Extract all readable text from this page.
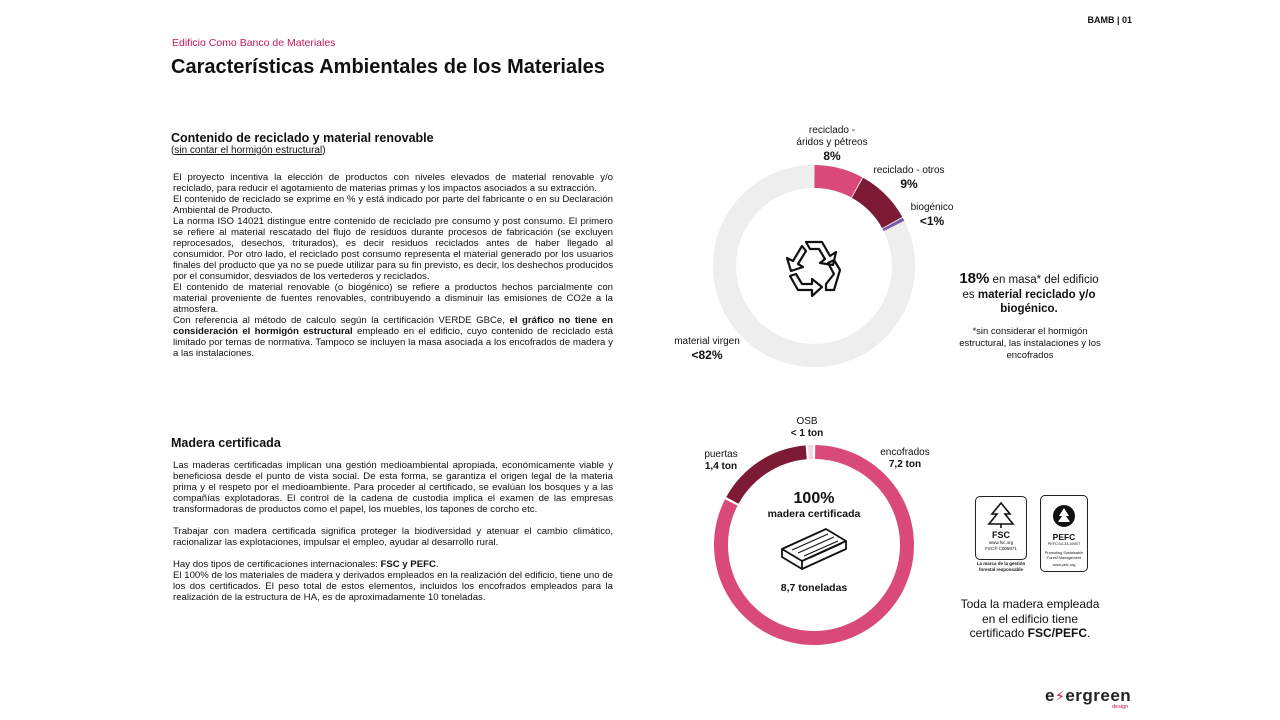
BAMB | 01
Edificio Como Banco de Materiales
Características Ambientales de los Materiales
Contenido de reciclado y material renovable
(sin contar el hormigón estructural)

El proyecto incentiva la elección de productos con niveles elevados de material renovable y/o reciclado, para reducir el agotamiento de materias primas y los impactos asociados a su extracción.

El contenido de reciclado se exprime en % y está indicado por parte del fabricante o en su Declaración Ambiental de Producto.

La norma ISO 14021 distingue entre contenido de reciclado pre consumo y post consumo. El primero se refiere al material rescatado del flujo de residuos durante procesos de fabricación (se excluyen reprocesados, desechos, triturados), es decir residuos reciclados antes de haber llegado al consumidor. Por otro lado, el reciclado post consumo representa el material generado por los usuarios finales del producto que ya no se puede utilizar para su fin previsto, es decir, los deshechos producidos por el consumidor, desviados de los vertederos y reciclados.

El contenido de material renovable (o biogénico) se refiere a productos hechos parcialmente con material proveniente de fuentes renovables, contribuyendo a disminuir las emisiones de CO2e a la atmosfera.

Con referencia al método de calculo según la certificación VERDE GBCe, el gráfico no tiene en consideración el hormigón estructural empleado en el edificio, cuyo contenido de reciclado está limitado por temas de normativa. Tampoco se incluyen la masa asociada a los encofrados de madera y a las instalaciones.

reciclado -
áridos y pétreos
8%
reciclado - otros
9%
biogénico
<1%
material virgen
<82%
18% en masa* del edificio
es material reciclado y/o biogénico.
*sin considerar el hormigón estructural, las instalaciones y los encofrados
Madera certificada

Las maderas certificadas implican una gestión medioambiental apropiada, económicamente viable y beneficiosa desde el punto de vista social. De esta forma, se garantiza el origen legal de la materia prima y el respeto por el medioambiente. Para proceder al certificado, se evalúan los bosques y a las compañías explotadoras. El control de la cadena de custodia implica el examen de las empresas transformadoras de productos como el papel, los muebles, los tapones de corcho etc.

Trabajar con madera certificada significa proteger la biodiversidad y atenuar el cambio climático, racionalizar las explotaciones, impulsar el empleo, ayudar al desarrollo rural.

Hay dos tipos de certificaciones internacionales: FSC y PEFC.

El 100% de los materiales de madera y derivados empleados en la realización del edificio, tiene uno de los dos certificados. El peso total de estos elementos, incluidos los encofrados empleados para la realización de la estructura de HA, es de aproximadamente 10 toneladas.

OSB
< 1 ton
puertas
1,4 ton
encofrados
7,2 ton
100%
madera certificada
8,7 toneladas
FSC
www.fsc.org
FSC® C005871
La marca de la gestión forestal responsable
PEFC
PEFC/14-34-00007
Promoting Sustainable Forest Management
www.pefc.org
Toda la madera empleada
en el edificio tiene
certificado FSC/PEFC.
e⚡ergreen
design
